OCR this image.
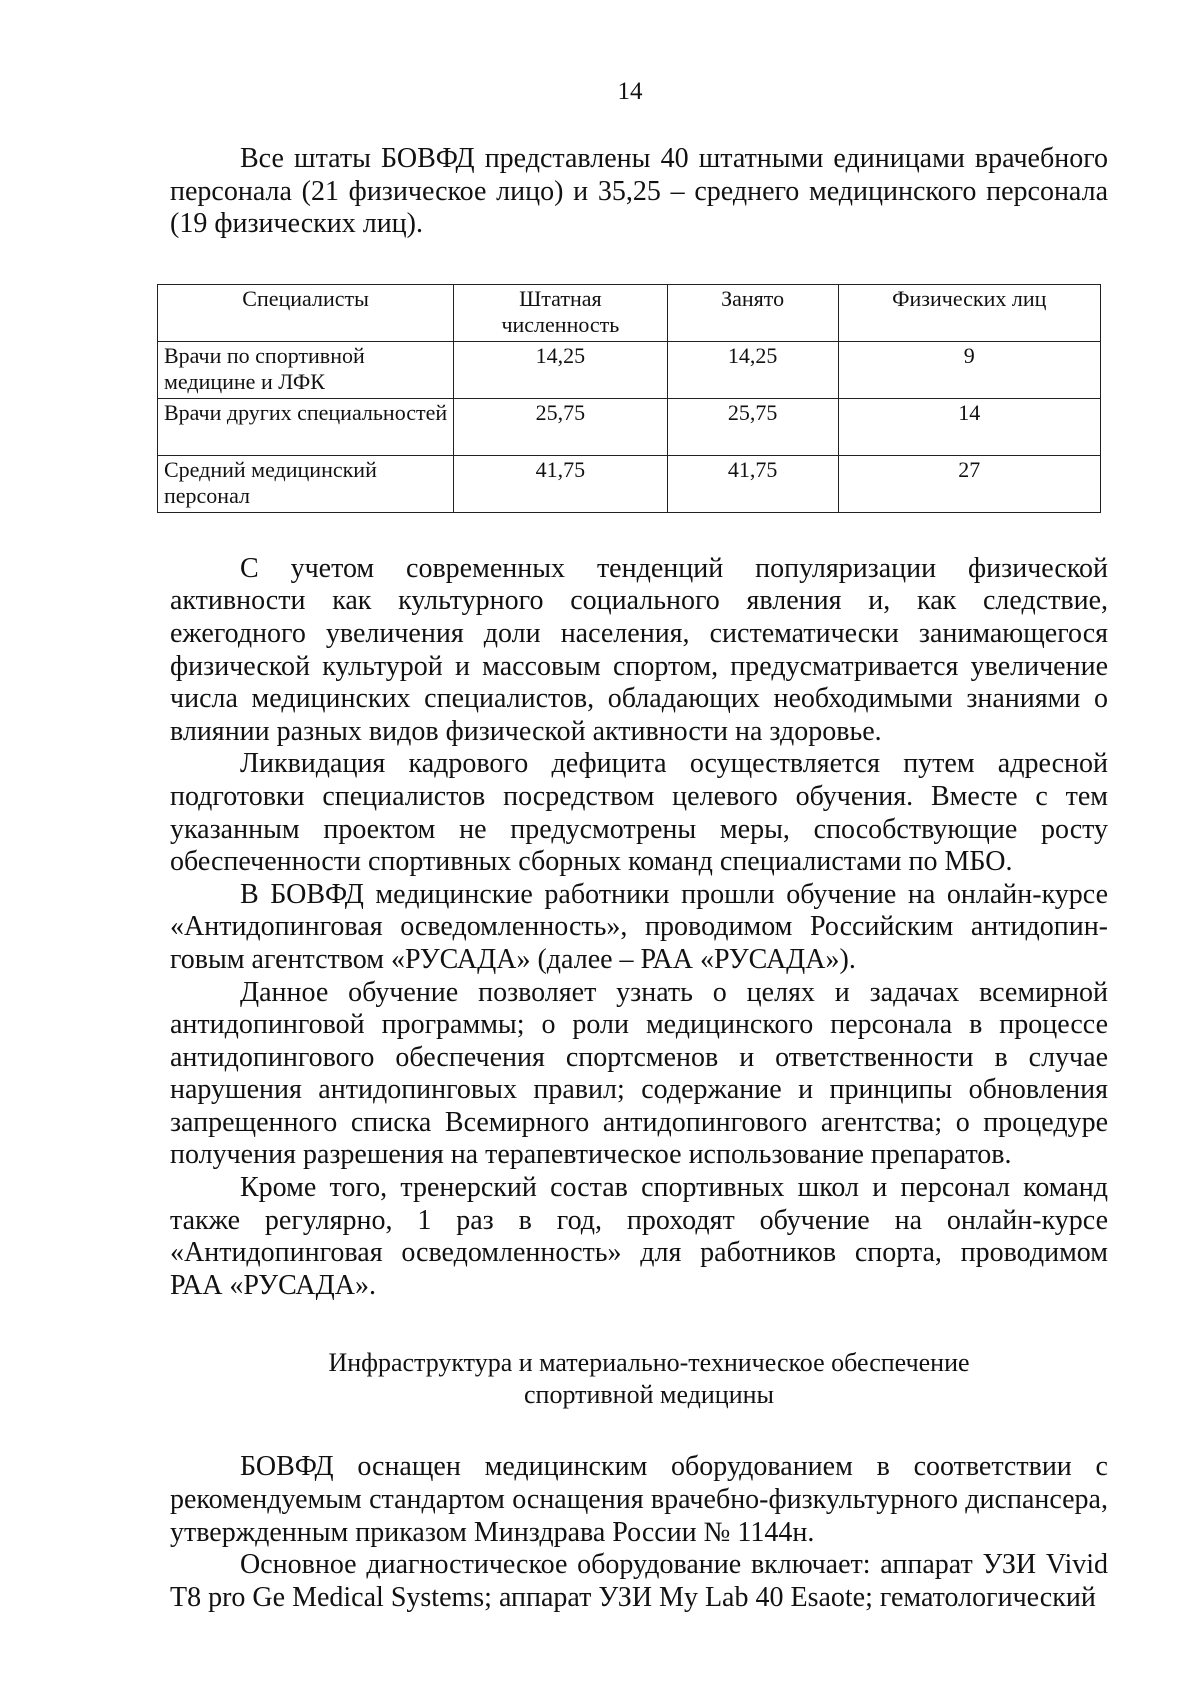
14

Все штаты БОВФД представлены 40 штатными единицами врачебного персонала (21 физическое лицо) и 35,25 – среднего медицинского персонала (19 физических лиц).

Специалисты	Штатная численность	Занято	Физических лиц
Врачи по спортивной медицине и ЛФК	14,25	14,25	9
Врачи других специальностей	25,75	25,75	14
Средний медицинский персонал	41,75	41,75	27

С учетом современных тенденций популяризации физической активности как культурного социального явления и, как следствие, ежегодного увеличения доли населения, систематически занимающегося физической культурой и массовым спортом, предусматривается увеличение числа медицинских специалистов, обладающих необходимыми знаниями о влиянии разных видов физической активности на здоровье.

Ликвидация кадрового дефицита осуществляется путем адресной подготовки специалистов посредством целевого обучения. Вместе с тем указанным проектом не предусмотрены меры, способствующие росту обеспеченности спортивных сборных команд специалистами по МБО.

В БОВФД медицинские работники прошли обучение на онлайн-курсе «Антидопинговая осведомленность», проводимом Российским антидопин-говым агентством «РУСАДА» (далее – РАА «РУСАДА»).

Данное обучение позволяет узнать о целях и задачах всемирной антидопинговой программы; о роли медицинского персонала в процессе антидопингового обеспечения спортсменов и ответственности в случае нарушения антидопинговых правил; содержание и принципы обновления запрещенного списка Всемирного антидопингового агентства; о процедуре получения разрешения на терапевтическое использование препаратов.

Кроме того, тренерский состав спортивных школ и персонал команд также регулярно, 1 раз в год, проходят обучение на онлайн-курсе «Антидопинговая осведомленность» для работников спорта, проводимом РАА «РУСАДА».

Инфраструктура и материально-техническое обеспечение
спортивной медицины

БОВФД оснащен медицинским оборудованием в соответствии с рекомендуемым стандартом оснащения врачебно-физкультурного диспансера, утвержденным приказом Минздрава России № 1144н.

Основное диагностическое оборудование включает: аппарат УЗИ Vivid T8 pro Ge Medical Systems; аппарат УЗИ My Lab 40 Esaote; гематологический
